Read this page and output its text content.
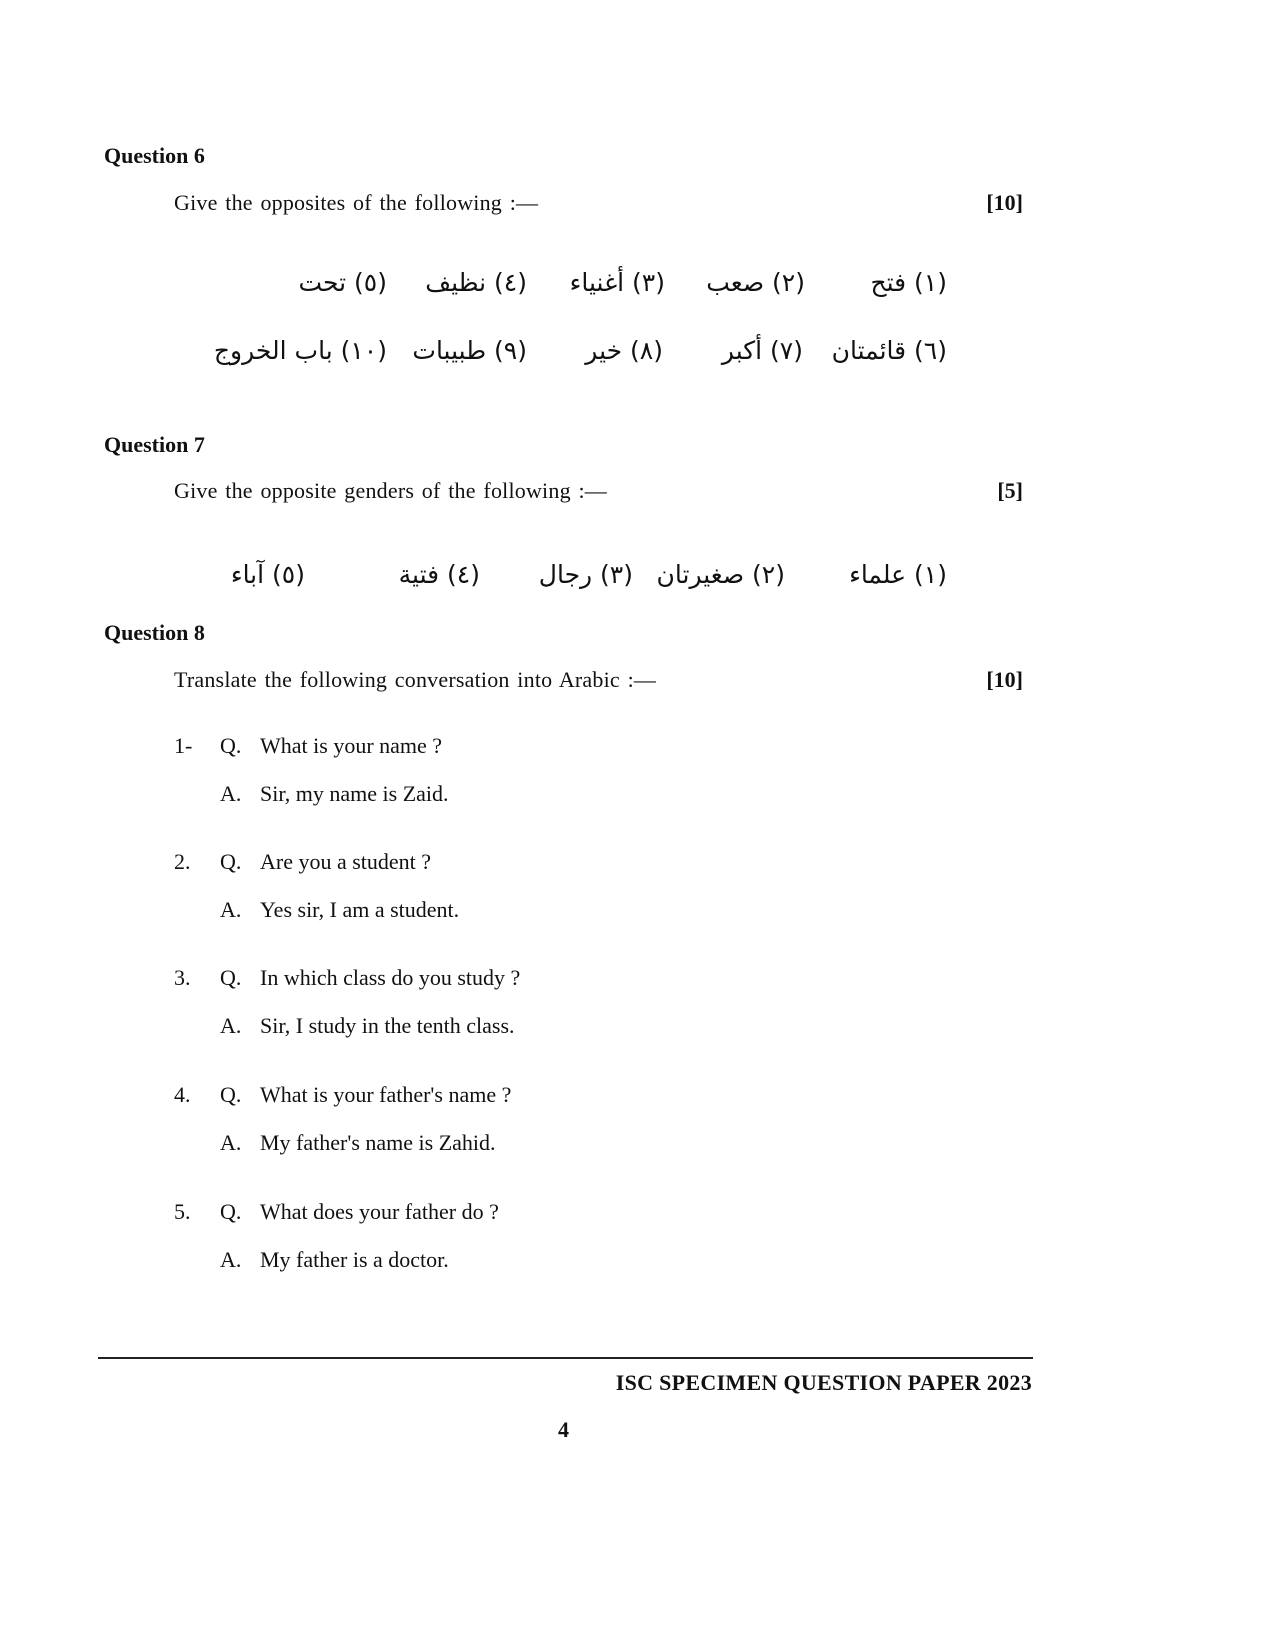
Question 6
Give the opposites of the following :—	[10]
(١) فتح
(٢) صعب
(٣) أغنياء
(٤) نظيف
(٥) تحت
(٦) قائمتان
(٧) أكبر
(٨) خير
(٩) طبيبات
(١٠) باب الخروج
Question 7
Give the opposite genders of the following :—	[5]
(١) علماء
(٢) صغيرتان
(٣) رجال
(٤) فتية
(٥) آباء
Question 8
Translate the following conversation into Arabic :—	[10]
1- Q. What is your name ?
A. Sir, my name is Zaid.
2. Q. Are you a student ?
A. Yes sir, I am a student.
3. Q. In which class do you study ?
A. Sir, I study in the tenth class.
4. Q. What is your father's name ?
A. My father's name is Zahid.
5. Q. What does your father do ?
A. My father is a doctor.
ISC SPECIMEN QUESTION PAPER 2023
4
